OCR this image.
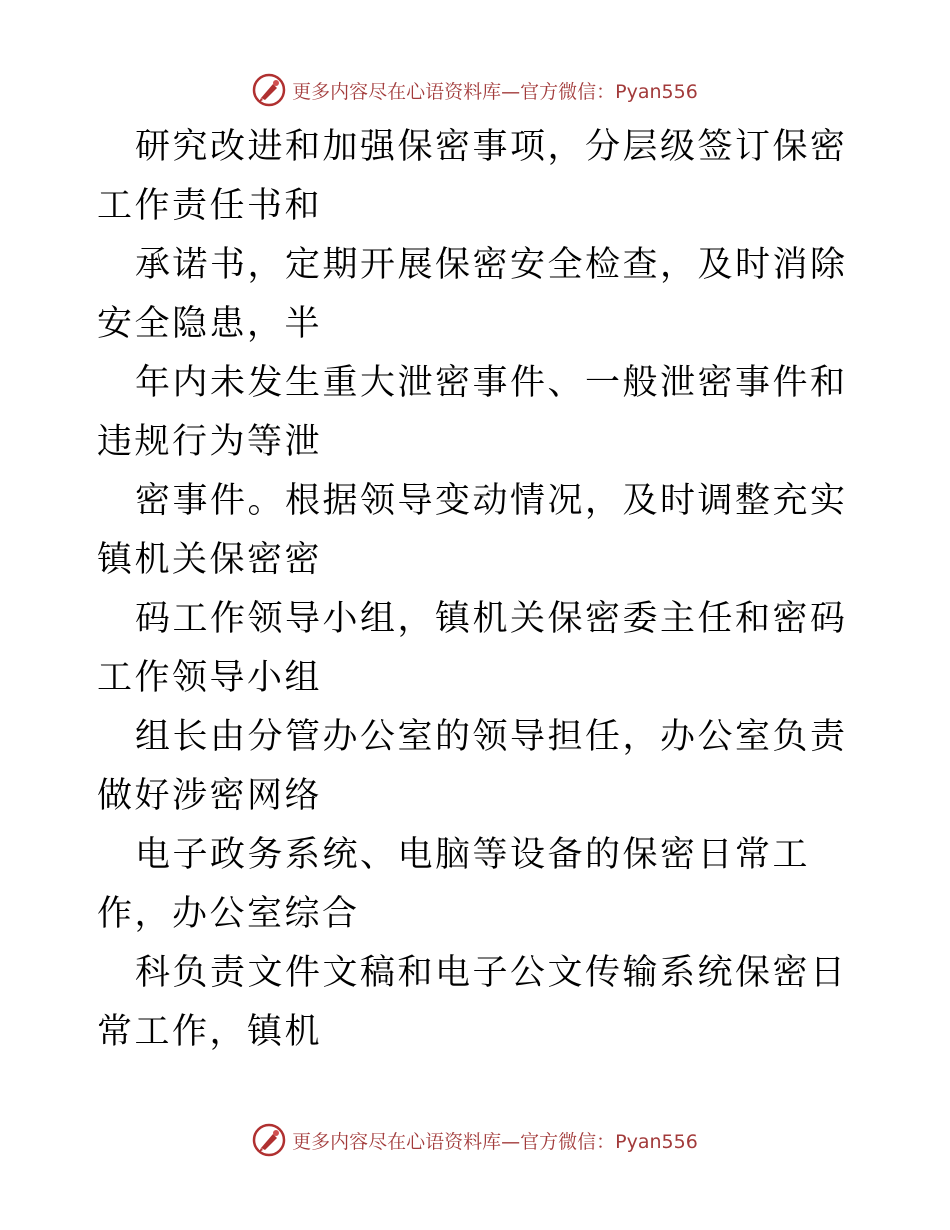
更多内容尽在心语资料库—官方微信：Pyan556

研究改进和加强保密事项，分层级签订保密工作责任书和

承诺书，定期开展保密安全检查，及时消除安全隐患，半

年内未发生重大泄密事件、一般泄密事件和违规行为等泄

密事件。根据领导变动情况，及时调整充实镇机关保密密

码工作领导小组，镇机关保密委主任和密码工作领导小组

组长由分管办公室的领导担任，办公室负责做好涉密网络

电子政务系统、电脑等设备的保密日常工作，办公室综合

科负责文件文稿和电子公文传输系统保密日常工作，镇机

更多内容尽在心语资料库—官方微信：Pyan556
